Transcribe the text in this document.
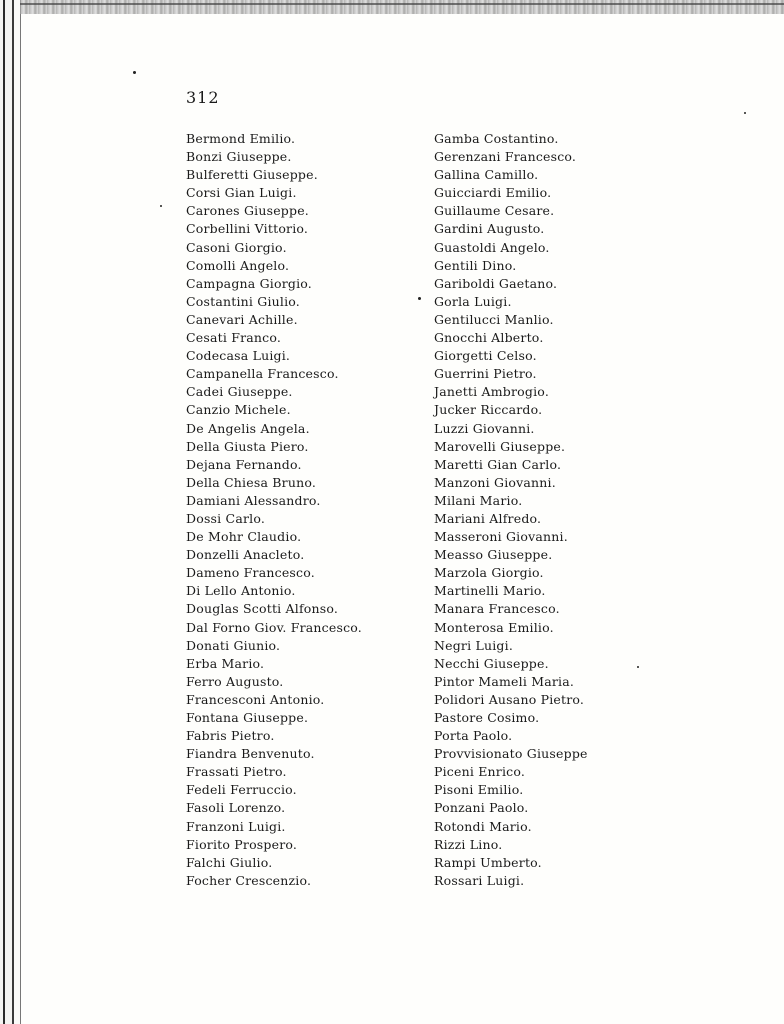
312
Bermond Emilio.
Bonzi Giuseppe.
Bulferetti Giuseppe.
Corsi Gian Luigi.
Carones Giuseppe.
Corbellini Vittorio.
Casoni Giorgio.
Comolli Angelo.
Campagna Giorgio.
Costantini Giulio.
Canevari Achille.
Cesati Franco.
Codecasa Luigi.
Campanella Francesco.
Cadei Giuseppe.
Canzio Michele.
De Angelis Angela.
Della Giusta Piero.
Dejana Fernando.
Della Chiesa Bruno.
Damiani Alessandro.
Dossi Carlo.
De Mohr Claudio.
Donzelli Anacleto.
Dameno Francesco.
Di Lello Antonio.
Douglas Scotti Alfonso.
Dal Forno Giov. Francesco.
Donati Giunio.
Erba Mario.
Ferro Augusto.
Francesconi Antonio.
Fontana Giuseppe.
Fabris Pietro.
Fiandra Benvenuto.
Frassati Pietro.
Fedeli Ferruccio.
Fasoli Lorenzo.
Franzoni Luigi.
Fiorito Prospero.
Falchi Giulio.
Focher Crescenzio.
Gamba Costantino.
Gerenzani Francesco.
Gallina Camillo.
Guicciardi Emilio.
Guillaume Cesare.
Gardini Augusto.
Guastoldi Angelo.
Gentili Dino.
Gariboldi Gaetano.
Gorla Luigi.
Gentilucci Manlio.
Gnocchi Alberto.
Giorgetti Celso.
Guerrini Pietro.
Janetti Ambrogio.
Jucker Riccardo.
Luzzi Giovanni.
Marovelli Giuseppe.
Maretti Gian Carlo.
Manzoni Giovanni.
Milani Mario.
Mariani Alfredo.
Masseroni Giovanni.
Measso Giuseppe.
Marzola Giorgio.
Martinelli Mario.
Manara Francesco.
Monterosa Emilio.
Negri Luigi.
Necchi Giuseppe.
Pintor Mameli Maria.
Polidori Ausano Pietro.
Pastore Cosimo.
Porta Paolo.
Provvisionato Giuseppe
Piceni Enrico.
Pisoni Emilio.
Ponzani Paolo.
Rotondi Mario.
Rizzi Lino.
Rampi Umberto.
Rossari Luigi.
